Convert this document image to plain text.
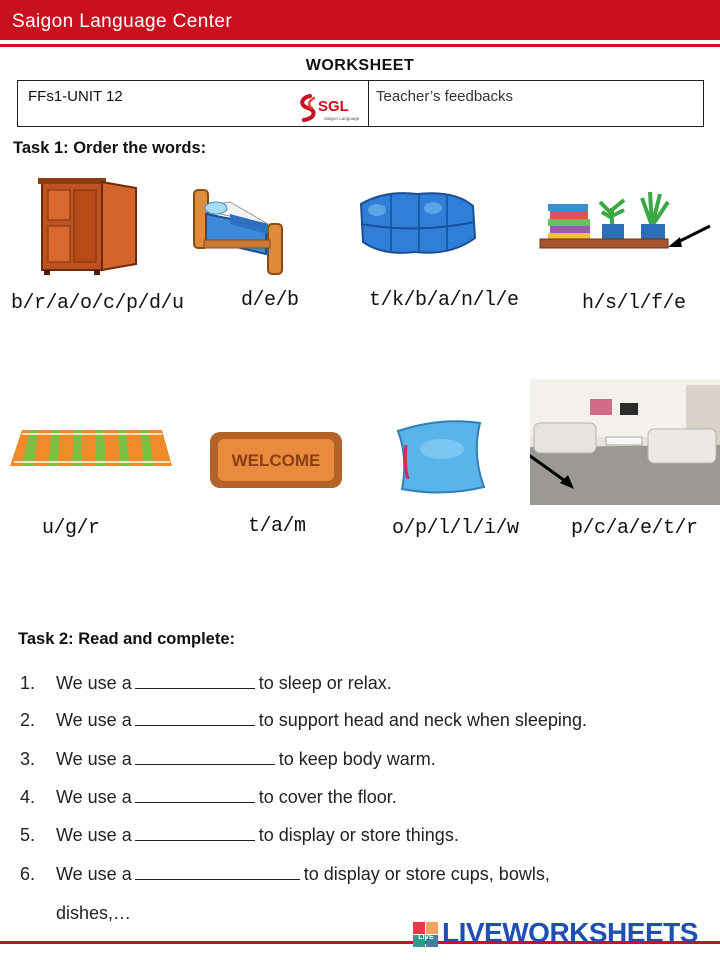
Saigon Language Center
WORKSHEET
FFs1-UNIT 12
SGL
Saigon Language
Teacher’s feedbacks
Task 1: Order the words:
b/r/a/o/c/p/d/u	d/e/b	t/k/b/a/n/l/e	h/s/l/f/e
WELCOME
u/g/r	t/a/m	o/p/l/l/i/w	p/c/a/e/t/r
Task 2: Read and complete:
1. We use a	to sleep or relax.
2. We use a	to support head and neck when sleeping.
3. We use a	to keep body warm.
4. We use a	to cover the floor.
5. We use a	to display or store things.
6. We use a	to display or store cups, bowls,
dishes,…
LIVE LIVEWORKSHEETS
